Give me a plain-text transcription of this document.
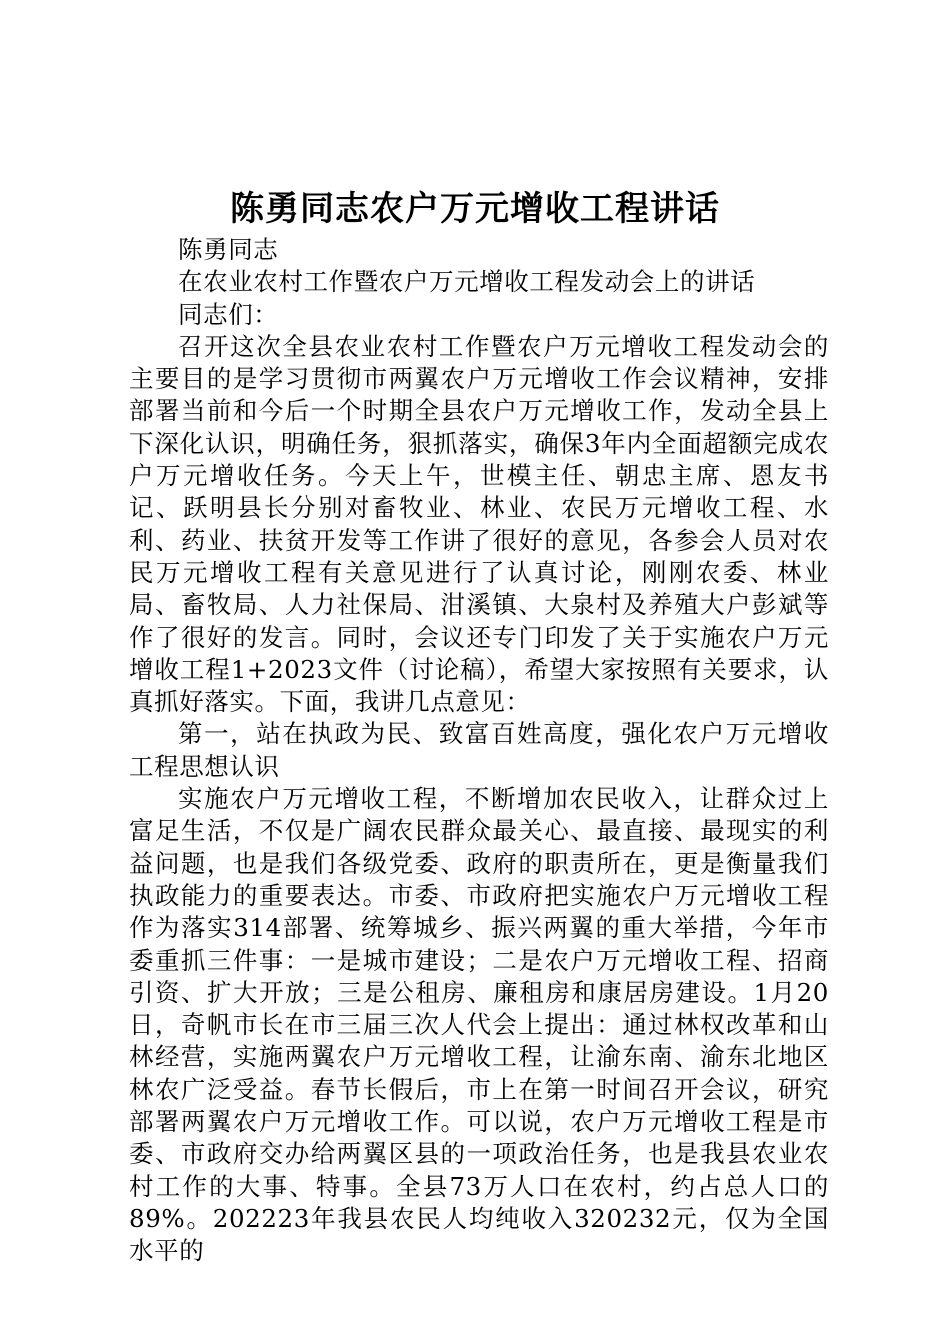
陈勇同志农户万元增收工程讲话

陈勇同志

在农业农村工作暨农户万元增收工程发动会上的讲话

同志们：

召开这次全县农业农村工作暨农户万元增收工程发动会的主要目的是学习贯彻市两翼农户万元增收工作会议精神，安排部署当前和今后一个时期全县农户万元增收工作，发动全县上下深化认识，明确任务，狠抓落实，确保3年内全面超额完成农户万元增收任务。今天上午，世模主任、朝忠主席、恩友书记、跃明县长分别对畜牧业、林业、农民万元增收工程、水利、药业、扶贫开发等工作讲了很好的意见，各参会人员对农民万元增收工程有关意见进行了认真讨论，刚刚农委、林业局、畜牧局、人力社保局、泔溪镇、大泉村及养殖大户彭斌等作了很好的发言。同时，会议还专门印发了关于实施农户万元增收工程1+2023文件（讨论稿），希望大家按照有关要求，认真抓好落实。下面，我讲几点意见：

第一，站在执政为民、致富百姓高度，强化农户万元增收工程思想认识

实施农户万元增收工程，不断增加农民收入，让群众过上富足生活，不仅是广阔农民群众最关心、最直接、最现实的利益问题，也是我们各级党委、政府的职责所在，更是衡量我们执政能力的重要表达。市委、市政府把实施农户万元增收工程作为落实314部署、统筹城乡、振兴两翼的重大举措，今年市委重抓三件事：一是城市建设；二是农户万元增收工程、招商引资、扩大开放；三是公租房、廉租房和康居房建设。1月20日，奇帆市长在市三届三次人代会上提出：通过林权改革和山林经营，实施两翼农户万元增收工程，让渝东南、渝东北地区林农广泛受益。春节长假后，市上在第一时间召开会议，研究部署两翼农户万元增收工作。可以说，农户万元增收工程是市委、市政府交办给两翼区县的一项政治任务，也是我县农业农村工作的大事、特事。全县73万人口在农村，约占总人口的89%。202223年我县农民人均纯收入320232元，仅为全国水平的
